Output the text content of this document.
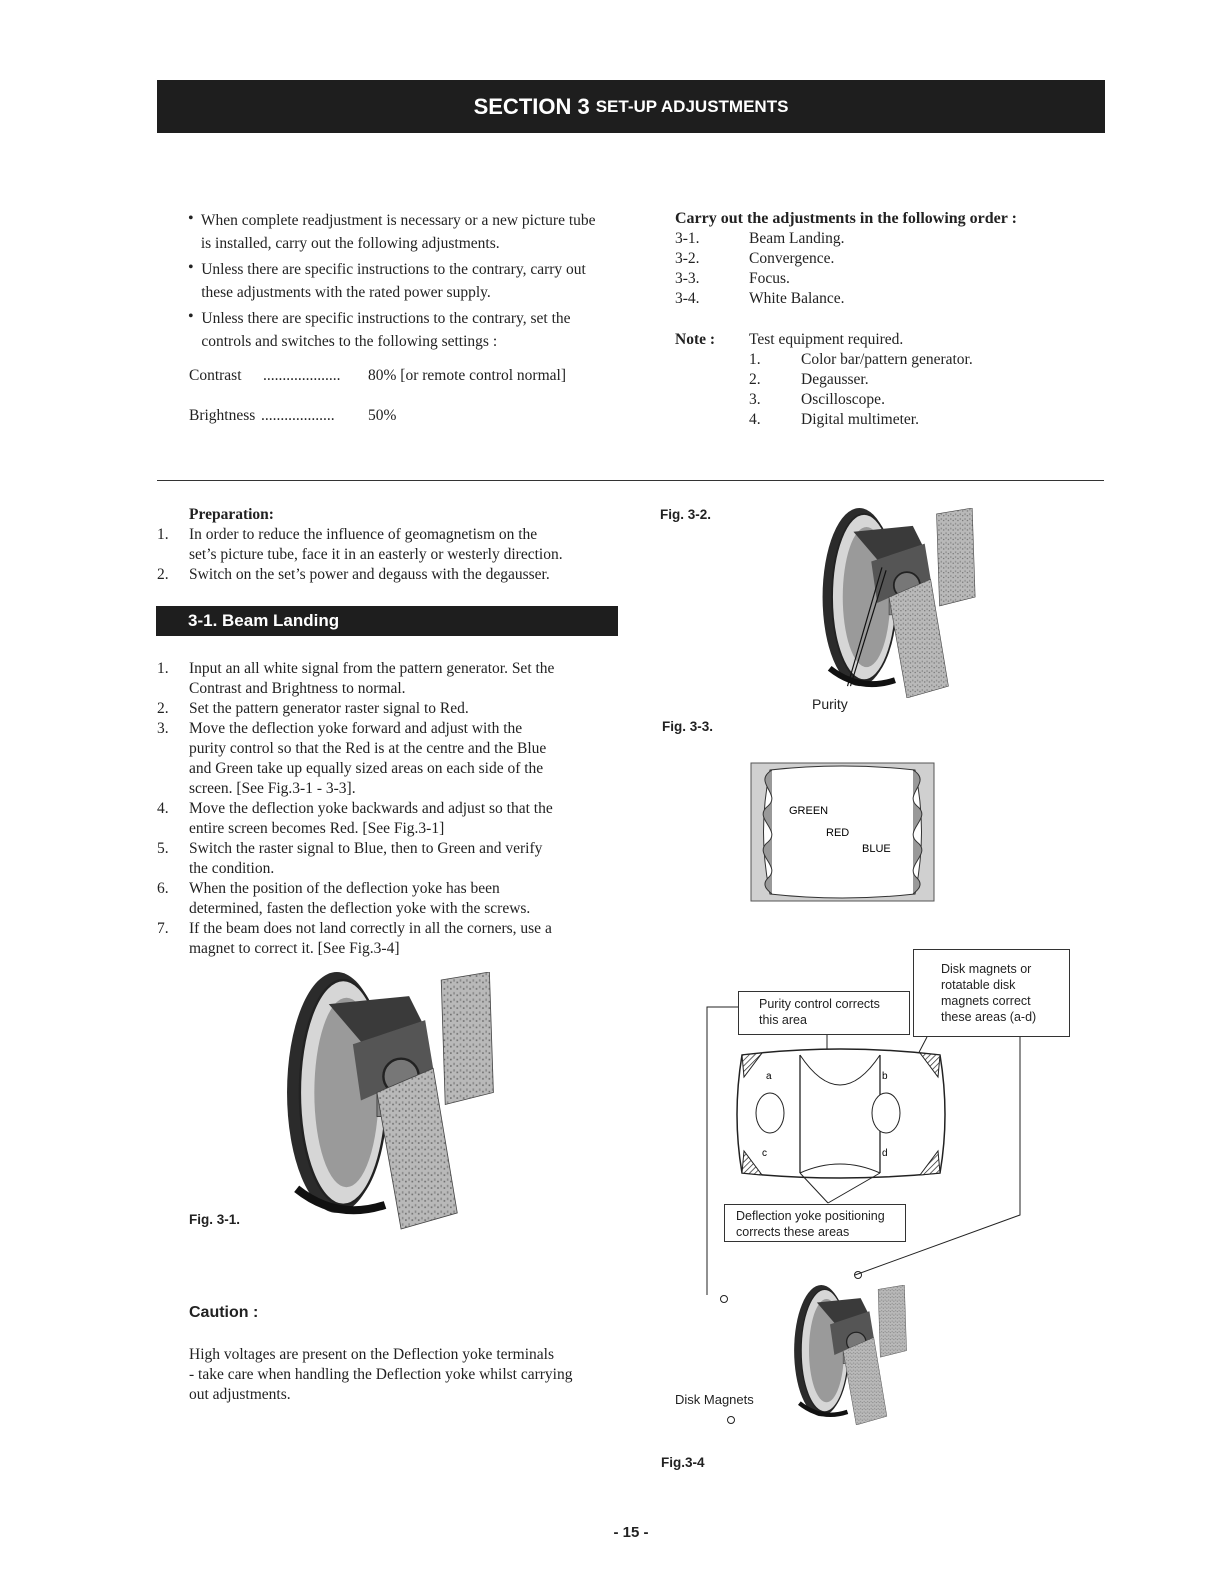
SECTION 3 SET-UP ADJUSTMENTS
• When complete readjustment is necessary or a new picture tube is installed, carry out the following adjustments.
• Unless there are specific instructions to the contrary, carry out these adjustments with the rated power supply.
• Unless there are specific instructions to the contrary, set the controls and switches to the following settings :
Contrast .................... 80% [or remote control normal]
Brightness ................... 50%
Carry out the adjustments in the following order :
3-1.	Beam Landing.
3-2.	Convergence.
3-3.	Focus.
3-4.	White Balance.
Note :	Test equipment required.
1.	Color bar/pattern generator.
2.	Degausser.
3.	Oscilloscope.
4.	Digital multimeter.
Preparation:
1.	In order to reduce the influence of geomagnetism on the
set’s picture tube, face it in an easterly or westerly direction.
2.	Switch on the set’s power and degauss with the degausser.
3-1. Beam Landing
1.	Input an all white signal from the pattern generator. Set the
Contrast and Brightness to normal.
2.	Set the pattern generator raster signal to Red.
3.	Move the deflection yoke forward and adjust with the
purity control so that the Red is at the centre and the Blue
and Green take up equally sized areas on each side of the
screen. [See Fig.3-1 - 3-3].
4.	Move the deflection yoke backwards and adjust so that the
entire screen becomes Red. [See Fig.3-1]
5.	Switch the raster signal to Blue, then to Green and verify
the condition.
6.	When the position of the deflection yoke has been
determined, fasten the deflection yoke with the screws.
7.	If the beam does not land correctly in all the corners, use a
magnet to correct it. [See Fig.3-4]
Fig. 3-1.
Caution :
High voltages are present on the Deflection yoke terminals
- take care when handling the Deflection yoke whilst carrying
out adjustments.
Fig. 3-2.
Purity
Fig. 3-3.
GREEN
RED
BLUE
a	b
c	d
Disk magnets or
rotatable disk
magnets correct
these areas (a-d)
Purity control corrects
this area
Deflection yoke positioning
corrects these areas
Disk Magnets
Fig.3-4
- 15 -
